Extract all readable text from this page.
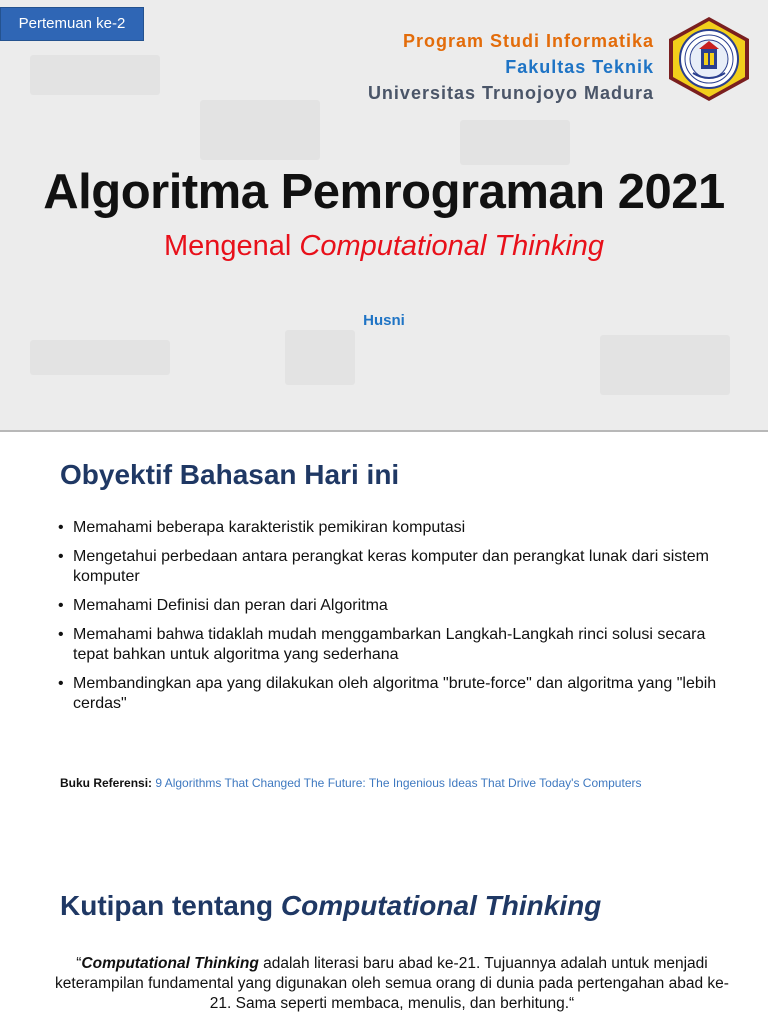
Pertemuan ke-2
Program Studi Informatika
Fakultas Teknik
Universitas Trunojoyo Madura
Algoritma Pemrograman 2021
Mengenal Computational Thinking
Husni
Obyektif Bahasan Hari ini
• Memahami beberapa karakteristik pemikiran komputasi
• Mengetahui perbedaan antara perangkat keras komputer dan perangkat lunak dari sistem komputer
• Memahami Definisi dan peran dari Algoritma
• Memahami bahwa tidaklah mudah menggambarkan Langkah-Langkah rinci solusi secara tepat bahkan untuk algoritma yang sederhana
• Membandingkan apa yang dilakukan oleh algoritma "brute-force" dan algoritma yang "lebih cerdas"
Buku Referensi: 9 Algorithms That Changed The Future: The Ingenious Ideas That Drive Today's Computers
Kutipan tentang Computational Thinking

“Computational Thinking adalah literasi baru abad ke-21. Tujuannya adalah untuk menjadi keterampilan fundamental yang digunakan oleh semua orang di dunia pada pertengahan abad ke-21. Sama seperti membaca, menulis, dan berhitung.“
